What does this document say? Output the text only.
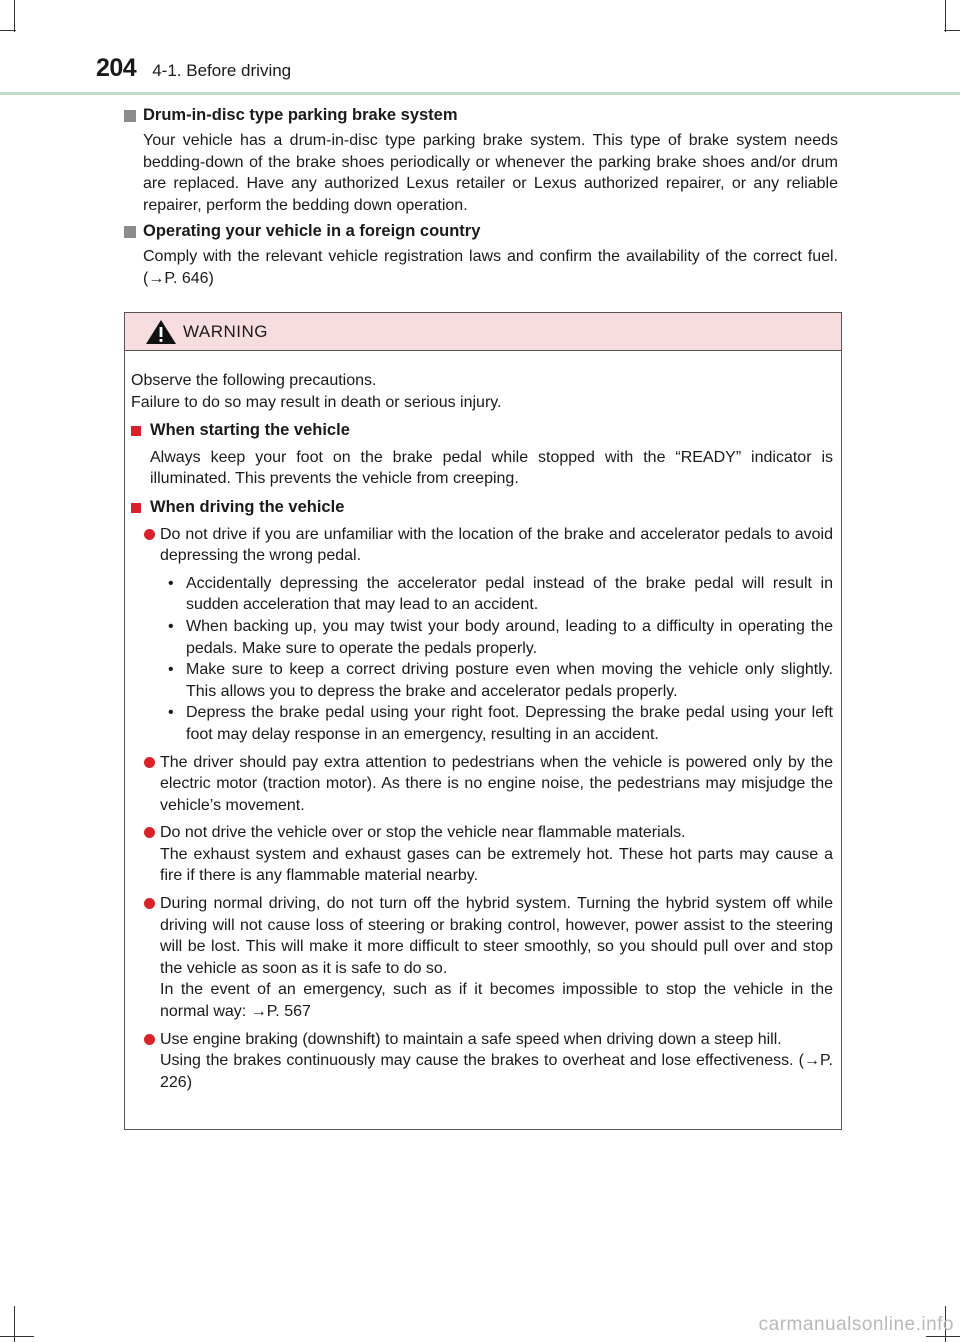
204 4-1. Before driving
Drum-in-disc type parking brake system

Your vehicle has a drum-in-disc type parking brake system. This type of brake system needs bedding-down of the brake shoes periodically or whenever the parking brake shoes and/or drum are replaced. Have any authorized Lexus retailer or Lexus authorized repairer, or any reliable repairer, perform the bedding down operation.

Operating your vehicle in a foreign country

Comply with the relevant vehicle registration laws and confirm the availability of the correct fuel. (→P. 646)

WARNING
Observe the following precautions.
Failure to do so may result in death or serious injury.
When starting the vehicle

Always keep your foot on the brake pedal while stopped with the “READY” indicator is illuminated. This prevents the vehicle from creeping.

When driving the vehicle
Do not drive if you are unfamiliar with the location of the brake and accelerator pedals to avoid depressing the wrong pedal.
• Accidentally depressing the accelerator pedal instead of the brake pedal will result in sudden acceleration that may lead to an accident.
• When backing up, you may twist your body around, leading to a difficulty in operating the pedals. Make sure to operate the pedals properly.
• Make sure to keep a correct driving posture even when moving the vehicle only slightly. This allows you to depress the brake and accelerator pedals properly.
• Depress the brake pedal using your right foot. Depressing the brake pedal using your left foot may delay response in an emergency, resulting in an accident.
The driver should pay extra attention to pedestrians when the vehicle is powered only by the electric motor (traction motor). As there is no engine noise, the pedestrians may misjudge the vehicle’s movement.
Do not drive the vehicle over or stop the vehicle near flammable materials.
The exhaust system and exhaust gases can be extremely hot. These hot parts may cause a fire if there is any flammable material nearby.
During normal driving, do not turn off the hybrid system. Turning the hybrid system off while driving will not cause loss of steering or braking control, however, power assist to the steering will be lost. This will make it more difficult to steer smoothly, so you should pull over and stop the vehicle as soon as it is safe to do so.
In the event of an emergency, such as if it becomes impossible to stop the vehicle in the normal way: →P. 567
Use engine braking (downshift) to maintain a safe speed when driving down a steep hill.
Using the brakes continuously may cause the brakes to overheat and lose effectiveness. (→P. 226)
carmanualsonline.info
